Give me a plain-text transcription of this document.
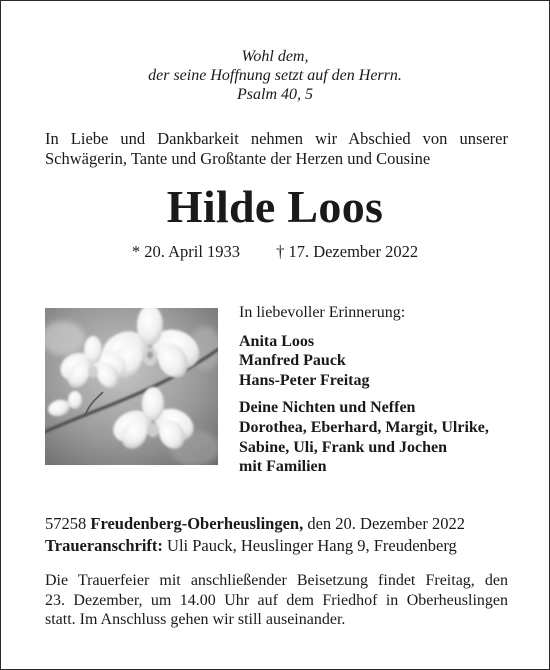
Wohl dem,
der seine Hoffnung setzt auf den Herrn.
Psalm 40, 5
In Liebe und Dankbarkeit nehmen wir Abschied von unserer
Schwägerin, Tante und Großtante der Herzen und Cousine
Hilde Loos
* 20. April 1933 † 17. Dezember 2022
In liebevoller Erinnerung:
Anita Loos
Manfred Pauck
Hans-Peter Freitag
Deine Nichten und Neffen
Dorothea, Eberhard, Margit, Ulrike,
Sabine, Uli, Frank und Jochen
mit Familien
57258 Freudenberg-Oberheuslingen, den 20. Dezember 2022
Traueranschrift: Uli Pauck, Heuslinger Hang 9, Freudenberg
Die Trauerfeier mit anschließender Beisetzung findet Freitag, den
23. Dezember, um 14.00 Uhr auf dem Friedhof in Oberheuslingen
statt. Im Anschluss gehen wir still auseinander.
